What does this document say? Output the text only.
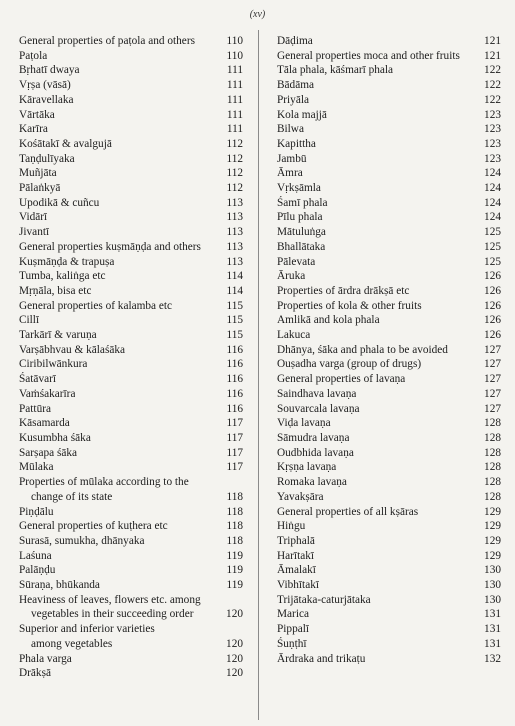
(xv)
General properties of paṭola and others	110
Paṭola	110
Bṛhatī dwaya	111
Vṛṣa (vāsā)	111
Kāravellaka	111
Vārtāka	111
Karīra	111
Kośātakī & avalgujā	112
Taṇḍulīyaka	112
Muñjāta	112
Pālaṅkyā	112
Upodikā & cuñcu	113
Vidārī	113
Jivantī	113
General properties kuṣmāṇḍa and others 113
Kuṣmāṇḍa & trapuṣa	113
Tumba, kaliṅga etc	114
Mṛṇāla, bisa etc	114
General properties of kalamba etc	115
Cillī	115
Tarkārī & varuṇa	115
Varṣābhvau & kālaśāka	116
Ciribilwānkura	116
Śatāvarī	116
Vaṁśakarīra	116
Pattūra	116
Kāsamarda	117
Kusumbha śāka	117
Sarṣapa śāka	117
Mūlaka	117
Properties of mūlaka according to the
change of its state	118
Piṇḍālu	118
General properties of kuṭhera etc	118
Surasā, sumukha, dhānyaka	118
Laśuna	119
Palāṇḍu	119
Sūraṇa, bhūkanda	119
Heaviness of leaves, flowers etc. among
vegetables in their succeeding order	120
Superior and inferior varieties
among vegetables	120
Phala varga	120
Drākṣā	120
Dāḍima	121
General properties moca and other fruits 121
Tāla phala, kāśmarī phala	122
Bādāma	122
Priyāla	122
Kola majjā	123
Bilwa	123
Kapittha	123
Jambū	123
Āmra	124
Vṛkṣāmla	124
Śamī phala	124
Pīlu phala	124
Mātuluṅga	125
Bhallātaka	125
Pālevata	125
Āruka	126
Properties of ārdra drākṣā etc	126
Properties of kola & other fruits	126
Amlikā and kola phala	126
Lakuca	126
Dhānya, śāka and phala to be avoided	127
Ouṣadha varga (group of drugs)	127
General properties of lavaṇa	127
Saindhava lavaṇa	127
Souvarcala lavaṇa	127
Viḍa lavaṇa	128
Sāmudra lavaṇa	128
Oudbhida lavaṇa	128
Kṛṣṇa lavaṇa	128
Romaka lavaṇa	128
Yavakṣāra	128
General properties of all kṣāras	129
Hiṅgu	129
Triphalā	129
Harītakī	129
Āmalakī	130
Vibhītakī	130
Trijātaka-caturjātaka	130
Marica	131
Pippalī	131
Śuṇṭhī	131
Ārdraka and trikaṭu	132
